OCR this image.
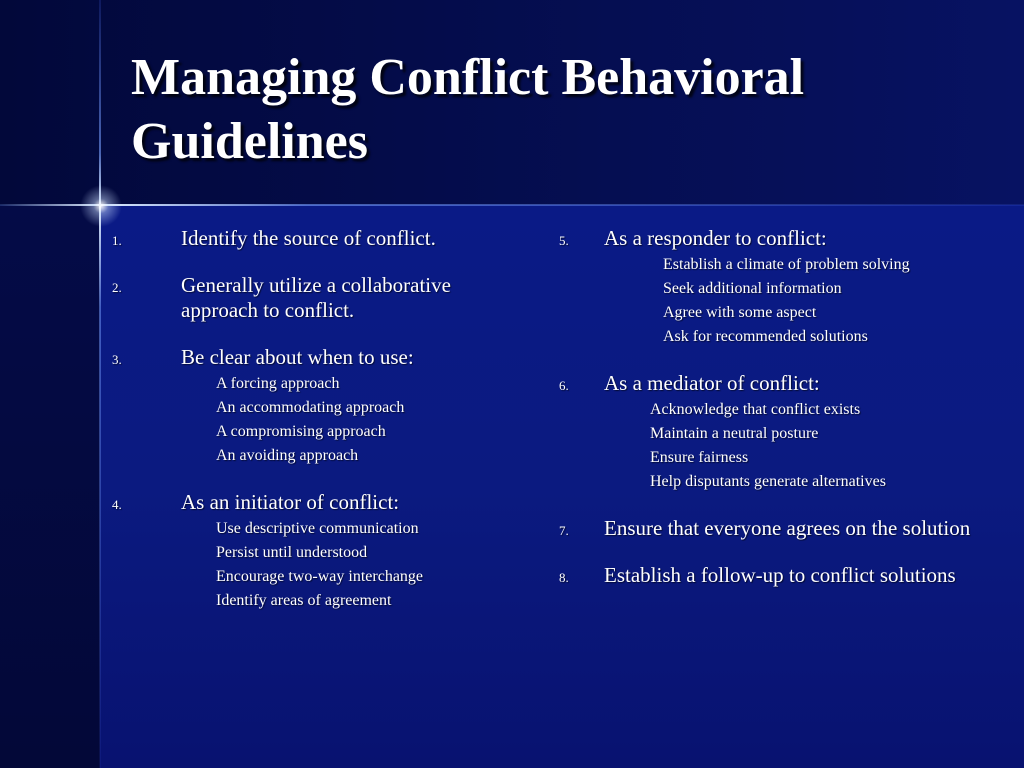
Managing Conflict Behavioral Guidelines
1.	Identify the source of conflict.
2.	Generally utilize a collaborative approach to conflict.
3.	Be clear about when to use:
A forcing approach
An accommodating approach
A compromising approach
An avoiding approach
4.	As an initiator of conflict:
Use descriptive communication
Persist until understood
Encourage two-way interchange
Identify areas of agreement
5. As a responder to conflict:
Establish a climate of problem solving
Seek additional information
Agree with some aspect
Ask for recommended solutions
6. As a mediator of conflict:
Acknowledge that conflict exists
Maintain a neutral posture
Ensure fairness
Help disputants generate alternatives
7. Ensure that everyone agrees on the solution
8. Establish a follow-up to conflict solutions
